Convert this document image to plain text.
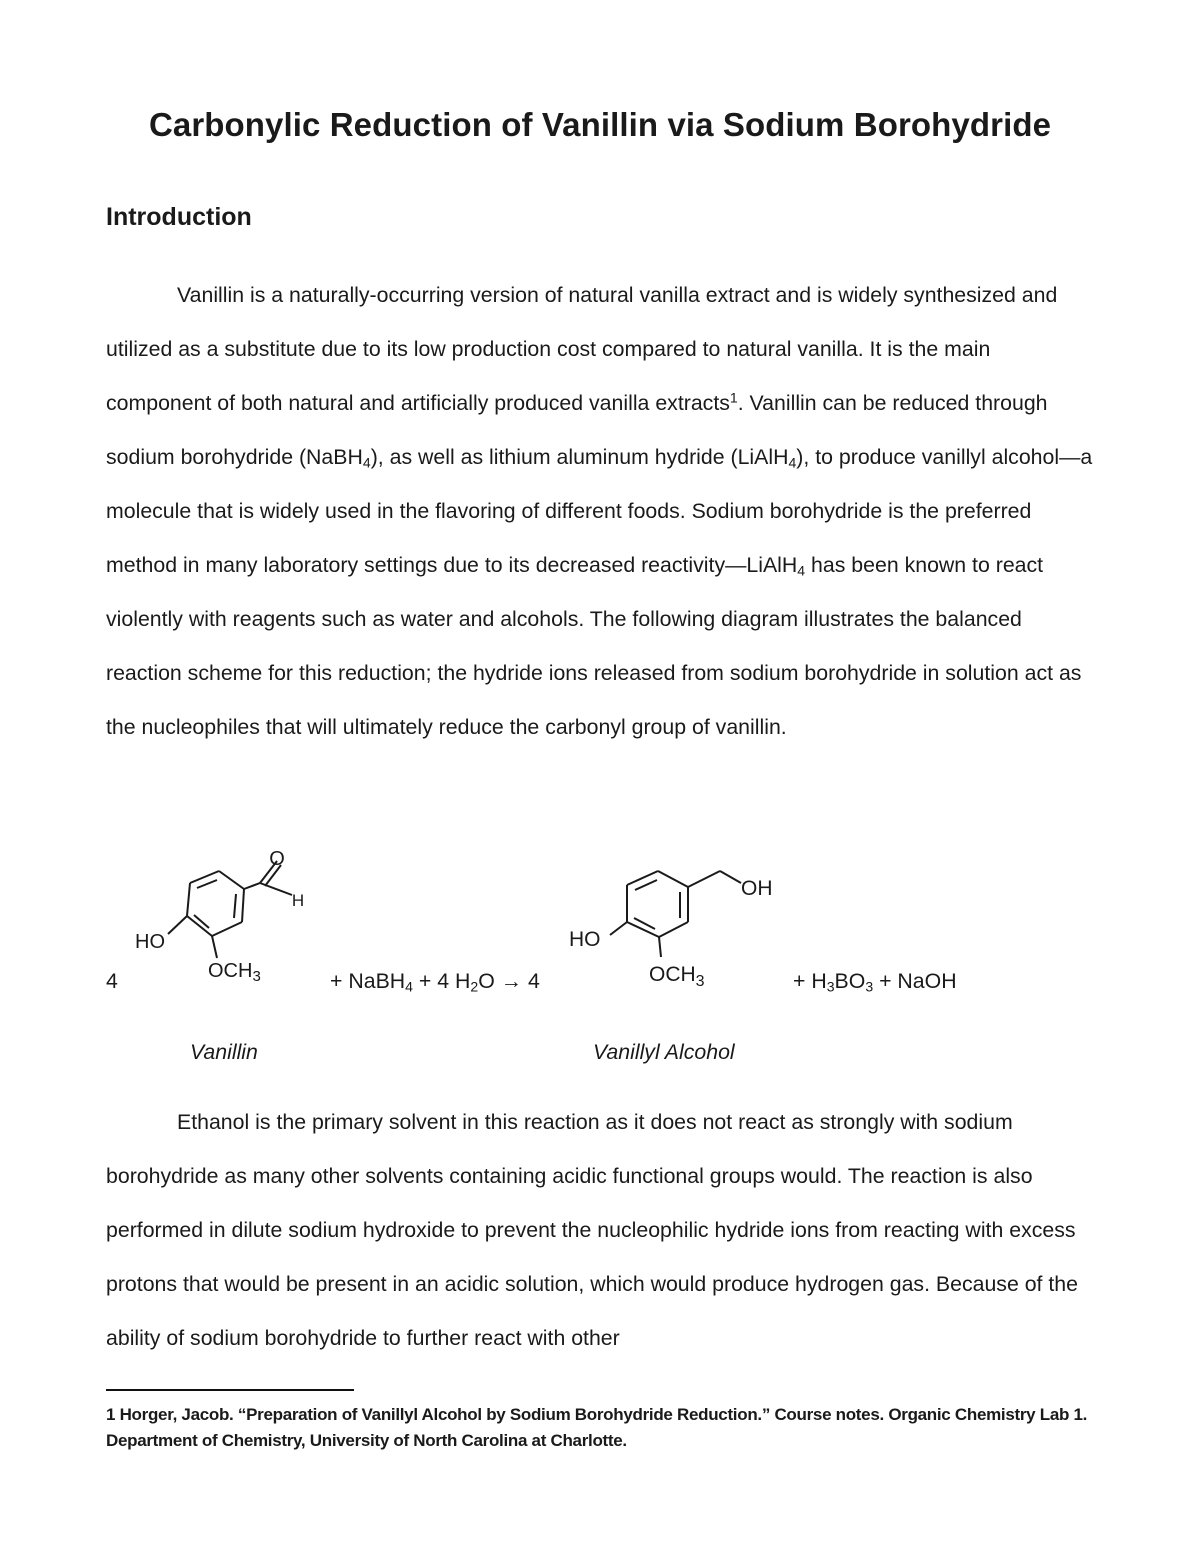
Carbonylic Reduction of Vanillin via Sodium Borohydride
Introduction

Vanillin is a naturally-occurring version of natural vanilla extract and is widely synthesized and utilized as a substitute due to its low production cost compared to natural vanilla. It is the main component of both natural and artificially produced vanilla extracts$^1$. Vanillin can be reduced through sodium borohydride (NaBH$_4$), as well as lithium aluminum hydride (LiAlH$_4$), to produce vanillyl alcohol—a molecule that is widely used in the flavoring of different foods. Sodium borohydride is the preferred method in many laboratory settings due to its decreased reactivity—LiAlH$_4$ has been known to react violently with reagents such as water and alcohols. The following diagram illustrates the balanced reaction scheme for this reduction; the hydride ions released from sodium borohydride in solution act as the nucleophiles that will ultimately reduce the carbonyl group of vanillin.

4
O
H
HO
$OCH_3$	+ NaBH$_4$ + 4 $H_2O \to 4$
OH
HO
$OCH_3$	+ $H_3BO_3$ + NaOH
Vanillin	Vanillyl Alcohol

Ethanol is the primary solvent in this reaction as it does not react as strongly with sodium borohydride as many other solvents containing acidic functional groups would. The reaction is also performed in dilute sodium hydroxide to prevent the nucleophilic hydride ions from reacting with excess protons that would be present in an acidic solution, which would produce hydrogen gas. Because of the ability of sodium borohydride to further react with other

1 Horger, Jacob. “Preparation of Vanillyl Alcohol by Sodium Borohydride Reduction.” Course notes. Organic Chemistry Lab 1. Department of Chemistry, University of North Carolina at Charlotte.
